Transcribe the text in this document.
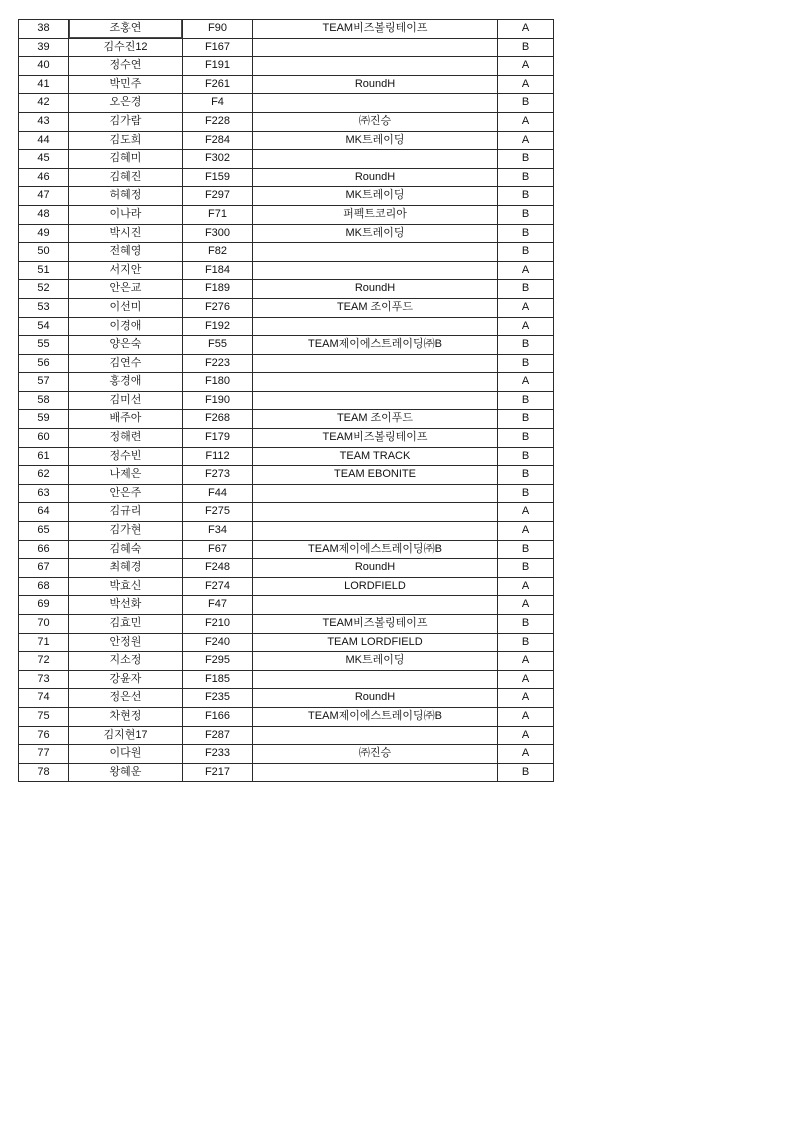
38	조홍연	F90	TEAM비즈볼링테이프	A
39	김수진12	F167		B
40	정수연	F191		A
41	박민주	F261	RoundH	A
42	오은경	F4		B
43	김가람	F228	㈜진승	A
44	김도희	F284	MK트레이딩	A
45	김혜미	F302		B
46	김혜진	F159	RoundH	B
47	허혜정	F297	MK트레이딩	B
48	이나라	F71	퍼펙트코리아	B
49	박시진	F300	MK트레이딩	B
50	전혜영	F82		B
51	서지안	F184		A
52	안은교	F189	RoundH	B
53	이선미	F276	TEAM 조이푸드	A
54	이경애	F192		A
55	양은숙	F55	TEAM제이에스트레이딩㈜B	B
56	김연수	F223		B
57	홍경애	F180		A
58	김미선	F190		B
59	배주아	F268	TEAM 조이푸드	B
60	정해련	F179	TEAM비즈볼링테이프	B
61	정수빈	F112	TEAM TRACK	B
62	나제은	F273	TEAM EBONITE	B
63	안은주	F44		B
64	김규리	F275		A
65	김가현	F34		A
66	김혜숙	F67	TEAM제이에스트레이딩㈜B	B
67	최혜경	F248	RoundH	B
68	박효신	F274	LORDFIELD	A
69	박선화	F47		A
70	김효민	F210	TEAM비즈볼링테이프	B
71	안정원	F240	TEAM LORDFIELD	B
72	지소정	F295	MK트레이딩	A
73	강윤자	F185		A
74	정은선	F235	RoundH	A
75	차현정	F166	TEAM제이에스트레이딩㈜B	A
76	김지현17	F287		A
77	이다원	F233	㈜진승	A
78	왕혜운	F217		B
